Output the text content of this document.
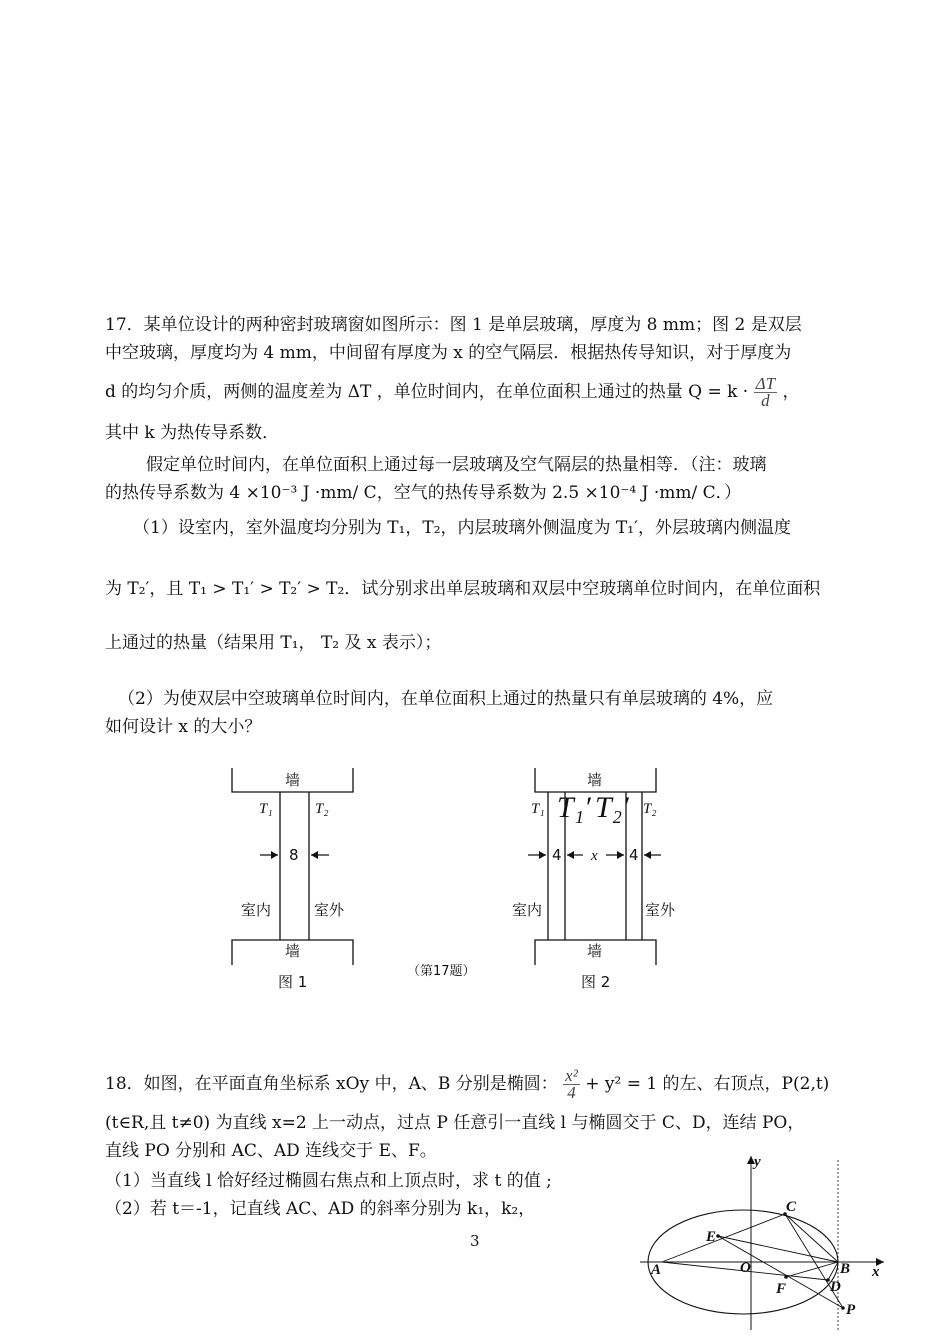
17．某单位设计的两种密封玻璃窗如图所示：图 1 是单层玻璃，厚度为 8 mm；图 2 是双层
中空玻璃，厚度均为 4 mm，中间留有厚度为 x 的空气隔层．根据热传导知识，对于厚度为
d 的均匀介质，两侧的温度差为 ΔT ，单位时间内，在单位面积上通过的热量 $Q = k \cdot \frac{\Delta T}{d}$ ，
其中 k 为热传导系数．
假定单位时间内，在单位面积上通过每一层玻璃及空气隔层的热量相等．（注：玻璃
的热传导系数为 4 ×10⁻³ J ·mm/ C，空气的热传导系数为 2.5 ×10⁻⁴ J ·mm/ C．）
（1）设室内，室外温度均分别为 T₁，T₂，内层玻璃外侧温度为 T₁′，外层玻璃内侧温度
为 T₂′，且 T₁ > T₁′ > T₂′ > T₂．试分别求出单层玻璃和双层中空玻璃单位时间内，在单位面积
上通过的热量（结果用 T₁， T₂ 及 x 表示）；
（2）为使双层中空玻璃单位时间内，在单位面积上通过的热量只有单层玻璃的 4%，应
如何设计 x 的大小？
墙
墙
T₁	T₂
8
室内	室外
图 1
（第17题）
墙
墙
T₁	T₂
T₁′ T₂′
4 x 4
室内	室外
图 2
18．如图，在平面直角坐标系 xOy 中，A、B 分别是椭圆： $\frac{\text{x²}}{4} + y^2 = 1$ 的左、右顶点，P(2,t)
(t∈R,且 t≠0) 为直线 x=2 上一动点，过点 P 任意引一直线 l 与椭圆交于 C、D，连结 PO，
直线 PO 分别和 AC、AD 连线交于 E、F。
（1）当直线 l 恰好经过椭圆右焦点和上顶点时，求 t 的值 ;
（2）若 t＝-1，记直线 AC、AD 的斜率分别为 k₁，k₂，
y
x
A	B
C
D
E
F
O
P
3
